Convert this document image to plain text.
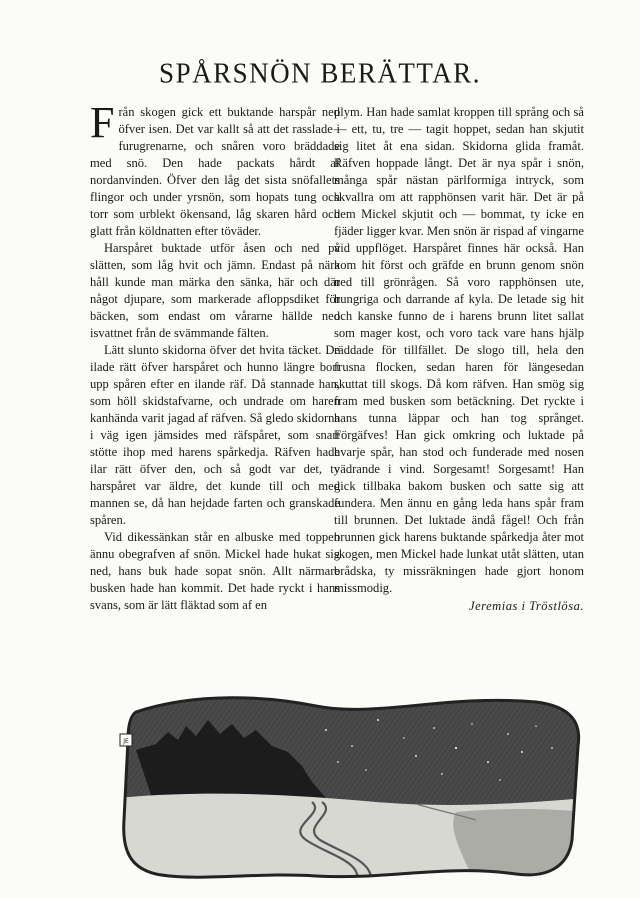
SPÅRSNÖN BERÄTTAR.

Från skogen gick ett buktande harspår ned öfver isen. Det var kallt så att det rasslade i furugrenarne, och snåren voro bräddade med snö. Den hade packats hårdt af nordanvinden. Öfver den låg det sista snöfallets flingor och under yrsnön, som hopats tung och torr som urblekt ökensand, låg skaren hård och glatt från köldnatten efter töväder.

Harspåret buktade utför åsen och ned på slätten, som låg hvit och jämn. Endast på nära håll kunde man märka den sänka, här och där något djupare, som markerade afloppsdiket för bäcken, som endast om vårarne hällde ned isvattnet från de svämmande fälten.

Lätt slunto skidorna öfver det hvita täcket. De ilade rätt öfver harspåret och hunno längre bort upp spåren efter en ilande räf. Då stannade han, som höll skidstafvarne, och undrade om haren kanhända varit jagad af räfven. Så gledo skidorna i väg igen jämsides med räfspåret, som snart stötte ihop med harens spårkedja. Räfven hade ilar rätt öfver den, och så godt var det, ty harspåret var äldre, det kunde till och med mannen se, då han hejdade farten och granskade spåren.

Vid dikessänkan står en albuske med toppen ännu obegrafven af snön. Mickel hade hukat sig ned, hans buk hade sopat snön. Allt närmare busken hade han kommit. Det hade ryckt i hans svans, som är lätt fläktad som af en

plym. Han hade samlat kroppen till språng och så — ett, tu, tre — tagit hoppet, sedan han skjutit sig litet åt ena sidan. Skidorna glida framåt. Räfven hoppade långt. Det är nya spår i snön, många spår nästan pärlformiga intryck, som skvallra om att rapphönsen varit här. Det är på dem Mickel skjutit och — bommat, ty icke en fjäder ligger kvar. Men snön är rispad af vingarne vid uppflöget. Harspåret finnes här också. Han kom hit först och gräfde en brunn genom snön ned till grönrågen. Så voro rapphönsen ute, hungriga och darrande af kyla. De letade sig hit och kanske funno de i harens brunn litet sallat som mager kost, och voro tack vare hans hjälp räddade för tillfället. De slogo till, hela den frusna flocken, sedan haren för längesedan skuttat till skogs. Då kom räfven. Han smög sig fram med busken som betäckning. Det ryckte i hans tunna läppar och han tog språnget. Förgäfves! Han gick omkring och luktade på hvarje spår, han stod och funderade med nosen vädrande i vind. Sorgesamt! Sorgesamt! Han gick tillbaka bakom busken och satte sig att fundera. Men ännu en gång leda hans spår fram till brunnen. Det luktade ändå fågel! Och från brunnen gick harens buktande spårkedja åter mot skogen, men Mickel hade lunkat utåt slätten, utan brådska, ty missräkningen hade gjort honom missmodig.

Jeremias i Tröstlösa.
JE
